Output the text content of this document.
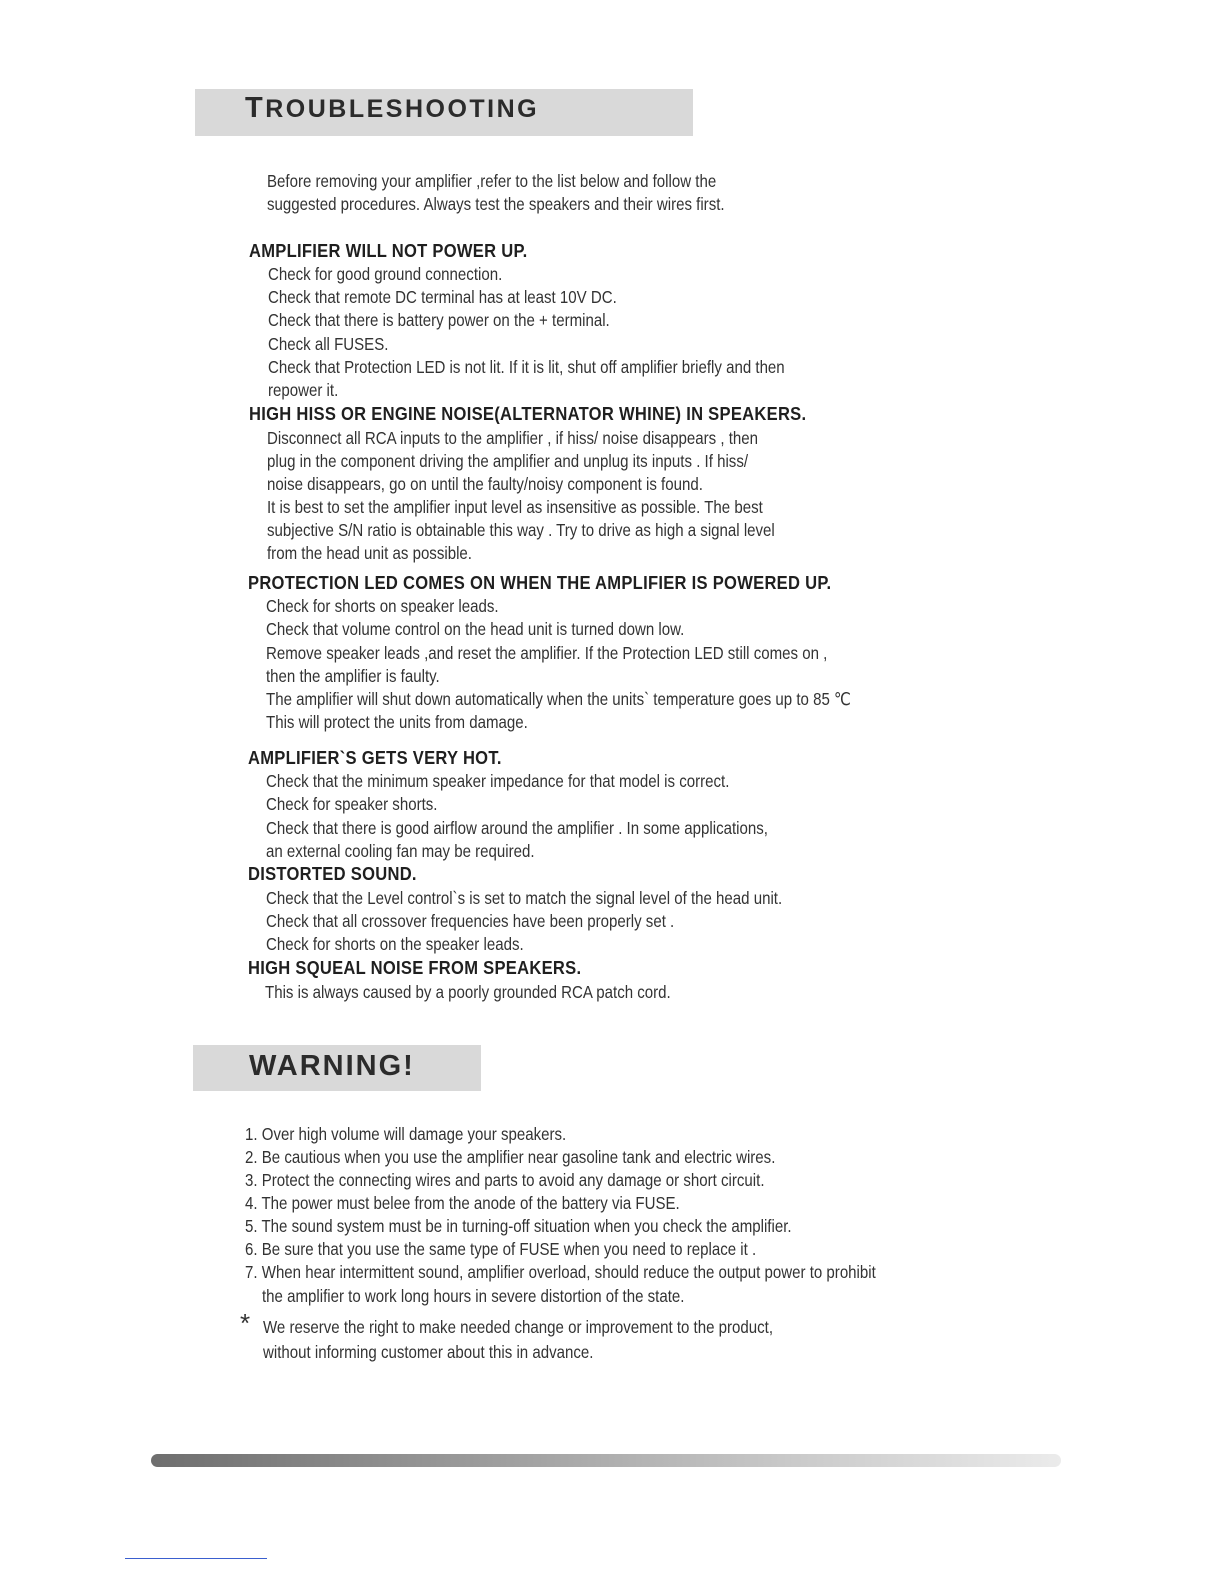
TROUBLESHOOTING
Before removing your amplifier ,refer to the list below and follow the
suggested procedures. Always test the speakers and their wires first.
AMPLIFIER WILL NOT POWER UP.
Check for good ground connection.
Check that remote DC terminal has at least 10V DC.
Check that there is battery power on the + terminal.
Check all FUSES.
Check that Protection LED is not lit. If it is lit, shut off amplifier briefly and then
repower it.
HIGH HISS OR ENGINE NOISE(ALTERNATOR WHINE) IN SPEAKERS.
Disconnect all RCA inputs to the amplifier , if hiss/ noise disappears , then
plug in the component driving the amplifier and unplug its inputs . If hiss/
noise disappears, go on until the faulty/noisy component is found.
It is best to set the amplifier input level as insensitive as possible. The best
subjective S/N ratio is obtainable this way . Try to drive as high a signal level
from the head unit as possible.
PROTECTION LED COMES ON WHEN THE AMPLIFIER IS POWERED UP.
Check for shorts on speaker leads.
Check that volume control on the head unit is turned down low.
Remove speaker leads ,and reset the amplifier. If the Protection LED still comes on ,
then the amplifier is faulty.
The amplifier will shut down automatically when the units` temperature goes up to 85 ℃
This will protect the units from damage.
AMPLIFIER`S GETS VERY HOT.
Check that the minimum speaker impedance for that model is correct.
Check for speaker shorts.
Check that there is good airflow around the amplifier . In some applications,
an external cooling fan may be required.
DISTORTED SOUND.
Check that the Level control`s is set to match the signal level of the head unit.
Check that all crossover frequencies have been properly set .
Check for shorts on the speaker leads.
HIGH SQUEAL NOISE FROM SPEAKERS.
This is always caused by a poorly grounded RCA patch cord.
WARNING!
1. Over high volume will damage your speakers.
2. Be cautious when you use the amplifier near gasoline tank and electric wires.
3. Protect the connecting wires and parts to avoid any damage or short circuit.
4. The power must belee from the anode of the battery via FUSE.
5. The sound system must be in turning-off situation when you check the amplifier.
6. Be sure that you use the same type of FUSE when you need to replace it .
7. When hear intermittent sound, amplifier overload, should reduce the output power to prohibit
the amplifier to work long hours in severe distortion of the state.
* We reserve the right to make needed change or improvement to the product,
without informing customer about this in advance.
